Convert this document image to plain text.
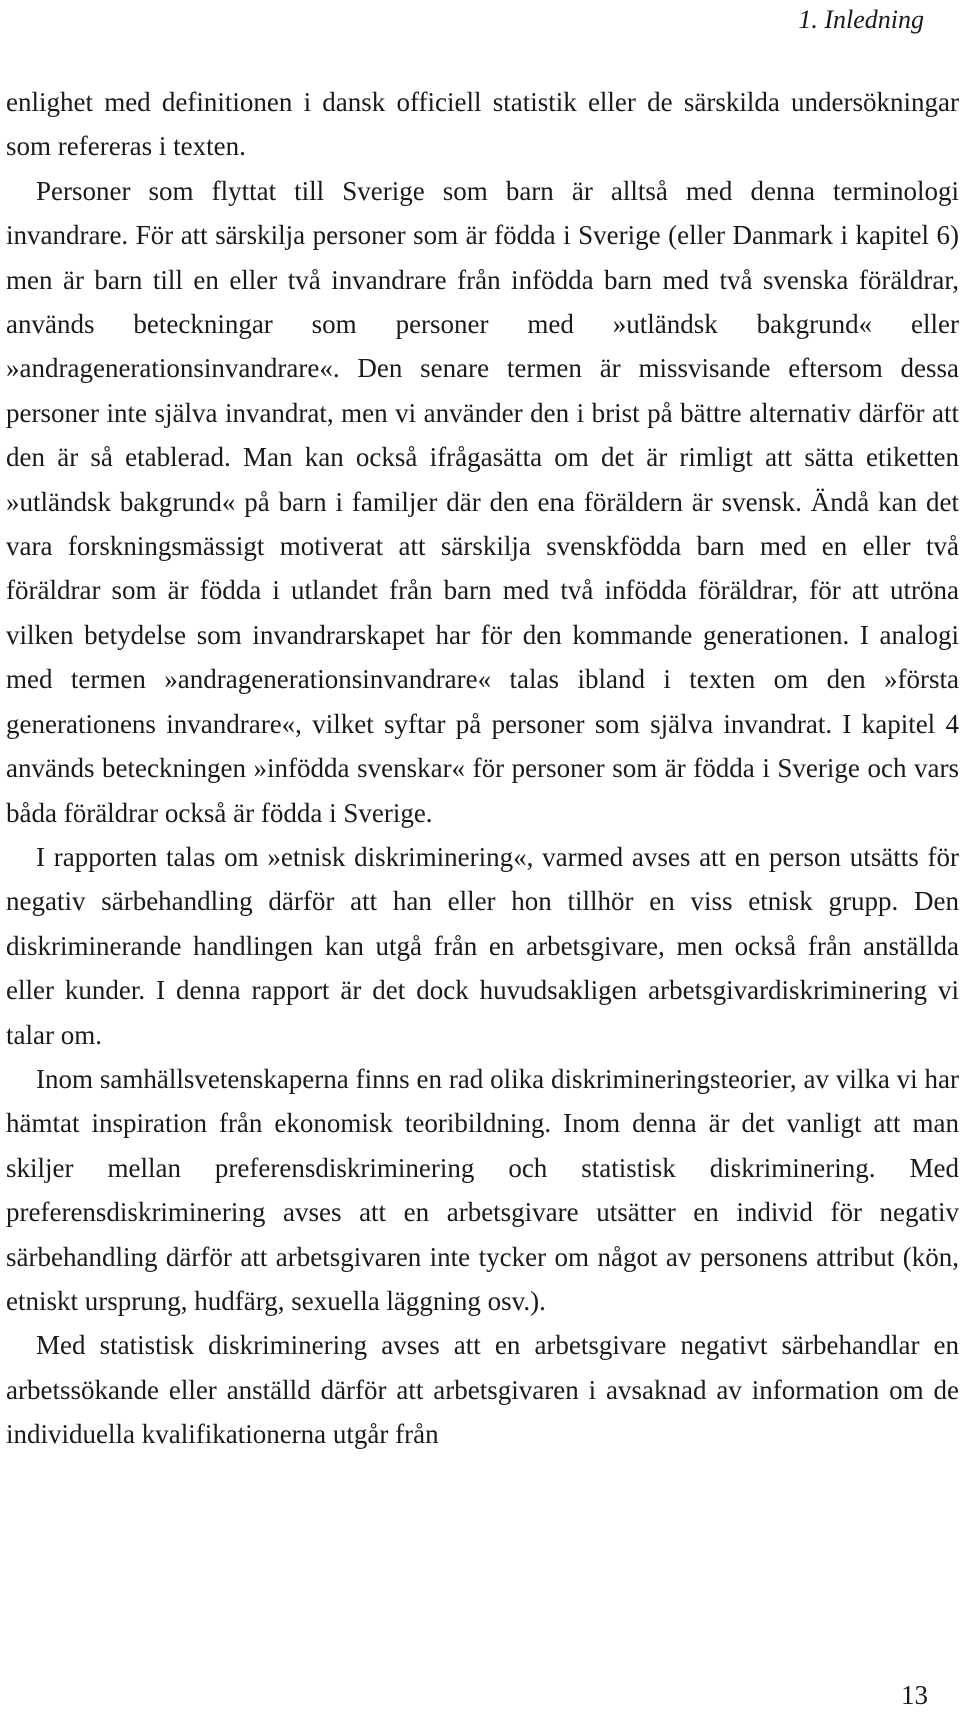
1. Inledning

enlighet med definitionen i dansk officiell statistik eller de särskilda undersökningar som refereras i texten.

Personer som flyttat till Sverige som barn är alltså med denna terminologi invandrare. För att särskilja personer som är födda i Sverige (eller Danmark i kapitel 6) men är barn till en eller två invandrare från infödda barn med två svenska föräldrar, används beteckningar som personer med »utländsk bakgrund« eller »andragenerationsinvandrare«. Den senare termen är missvisande eftersom dessa personer inte själva invandrat, men vi använder den i brist på bättre alternativ därför att den är så etablerad. Man kan också ifrågasätta om det är rimligt att sätta etiketten »utländsk bakgrund« på barn i familjer där den ena föräldern är svensk. Ändå kan det vara forskningsmässigt motiverat att särskilja svenskfödda barn med en eller två föräldrar som är födda i utlandet från barn med två infödda föräldrar, för att utröna vilken betydelse som invandrarskapet har för den kommande generationen. I analogi med termen »andragenerationsinvandrare« talas ibland i texten om den »första generationens invandrare«, vilket syftar på personer som själva invandrat. I kapitel 4 används beteckningen »infödda svenskar« för personer som är födda i Sverige och vars båda föräldrar också är födda i Sverige.

I rapporten talas om »etnisk diskriminering«, varmed avses att en person utsätts för negativ särbehandling därför att han eller hon tillhör en viss etnisk grupp. Den diskriminerande handlingen kan utgå från en arbetsgivare, men också från anställda eller kunder. I denna rapport är det dock huvudsakligen arbetsgivardiskriminering vi talar om.

Inom samhällsvetenskaperna finns en rad olika diskrimineringsteorier, av vilka vi har hämtat inspiration från ekonomisk teoribildning. Inom denna är det vanligt att man skiljer mellan preferensdiskriminering och statistisk diskriminering. Med preferensdiskriminering avses att en arbetsgivare utsätter en individ för negativ särbehandling därför att arbetsgivaren inte tycker om något av personens attribut (kön, etniskt ursprung, hudfärg, sexuella läggning osv.).

Med statistisk diskriminering avses att en arbetsgivare negativt särbehandlar en arbetssökande eller anställd därför att arbetsgivaren i avsaknad av information om de individuella kvalifikationerna utgår från

13
